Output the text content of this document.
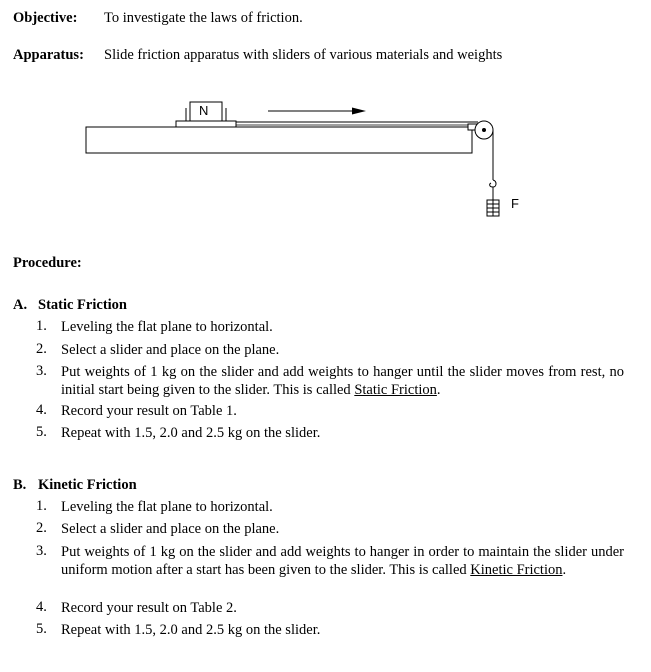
Objective: To investigate the laws of friction.
Apparatus: Slide friction apparatus with sliders of various materials and weights
N
F
Procedure:
A. Static Friction
1. Leveling the flat plane to horizontal.
2. Select a slider and place on the plane.
3. Put weights of 1 kg on the slider and add weights to hanger until the slider moves from rest, no initial start being given to the slider. This is called Static Friction.
4. Record your result on Table 1.
5. Repeat with 1.5, 2.0 and 2.5 kg on the slider.
B. Kinetic Friction
1. Leveling the flat plane to horizontal.
2. Select a slider and place on the plane.
3. Put weights of 1 kg on the slider and add weights to hanger in order to maintain the slider under uniform motion after a start has been given to the slider. This is called Kinetic Friction.
4. Record your result on Table 2.
5. Repeat with 1.5, 2.0 and 2.5 kg on the slider.
